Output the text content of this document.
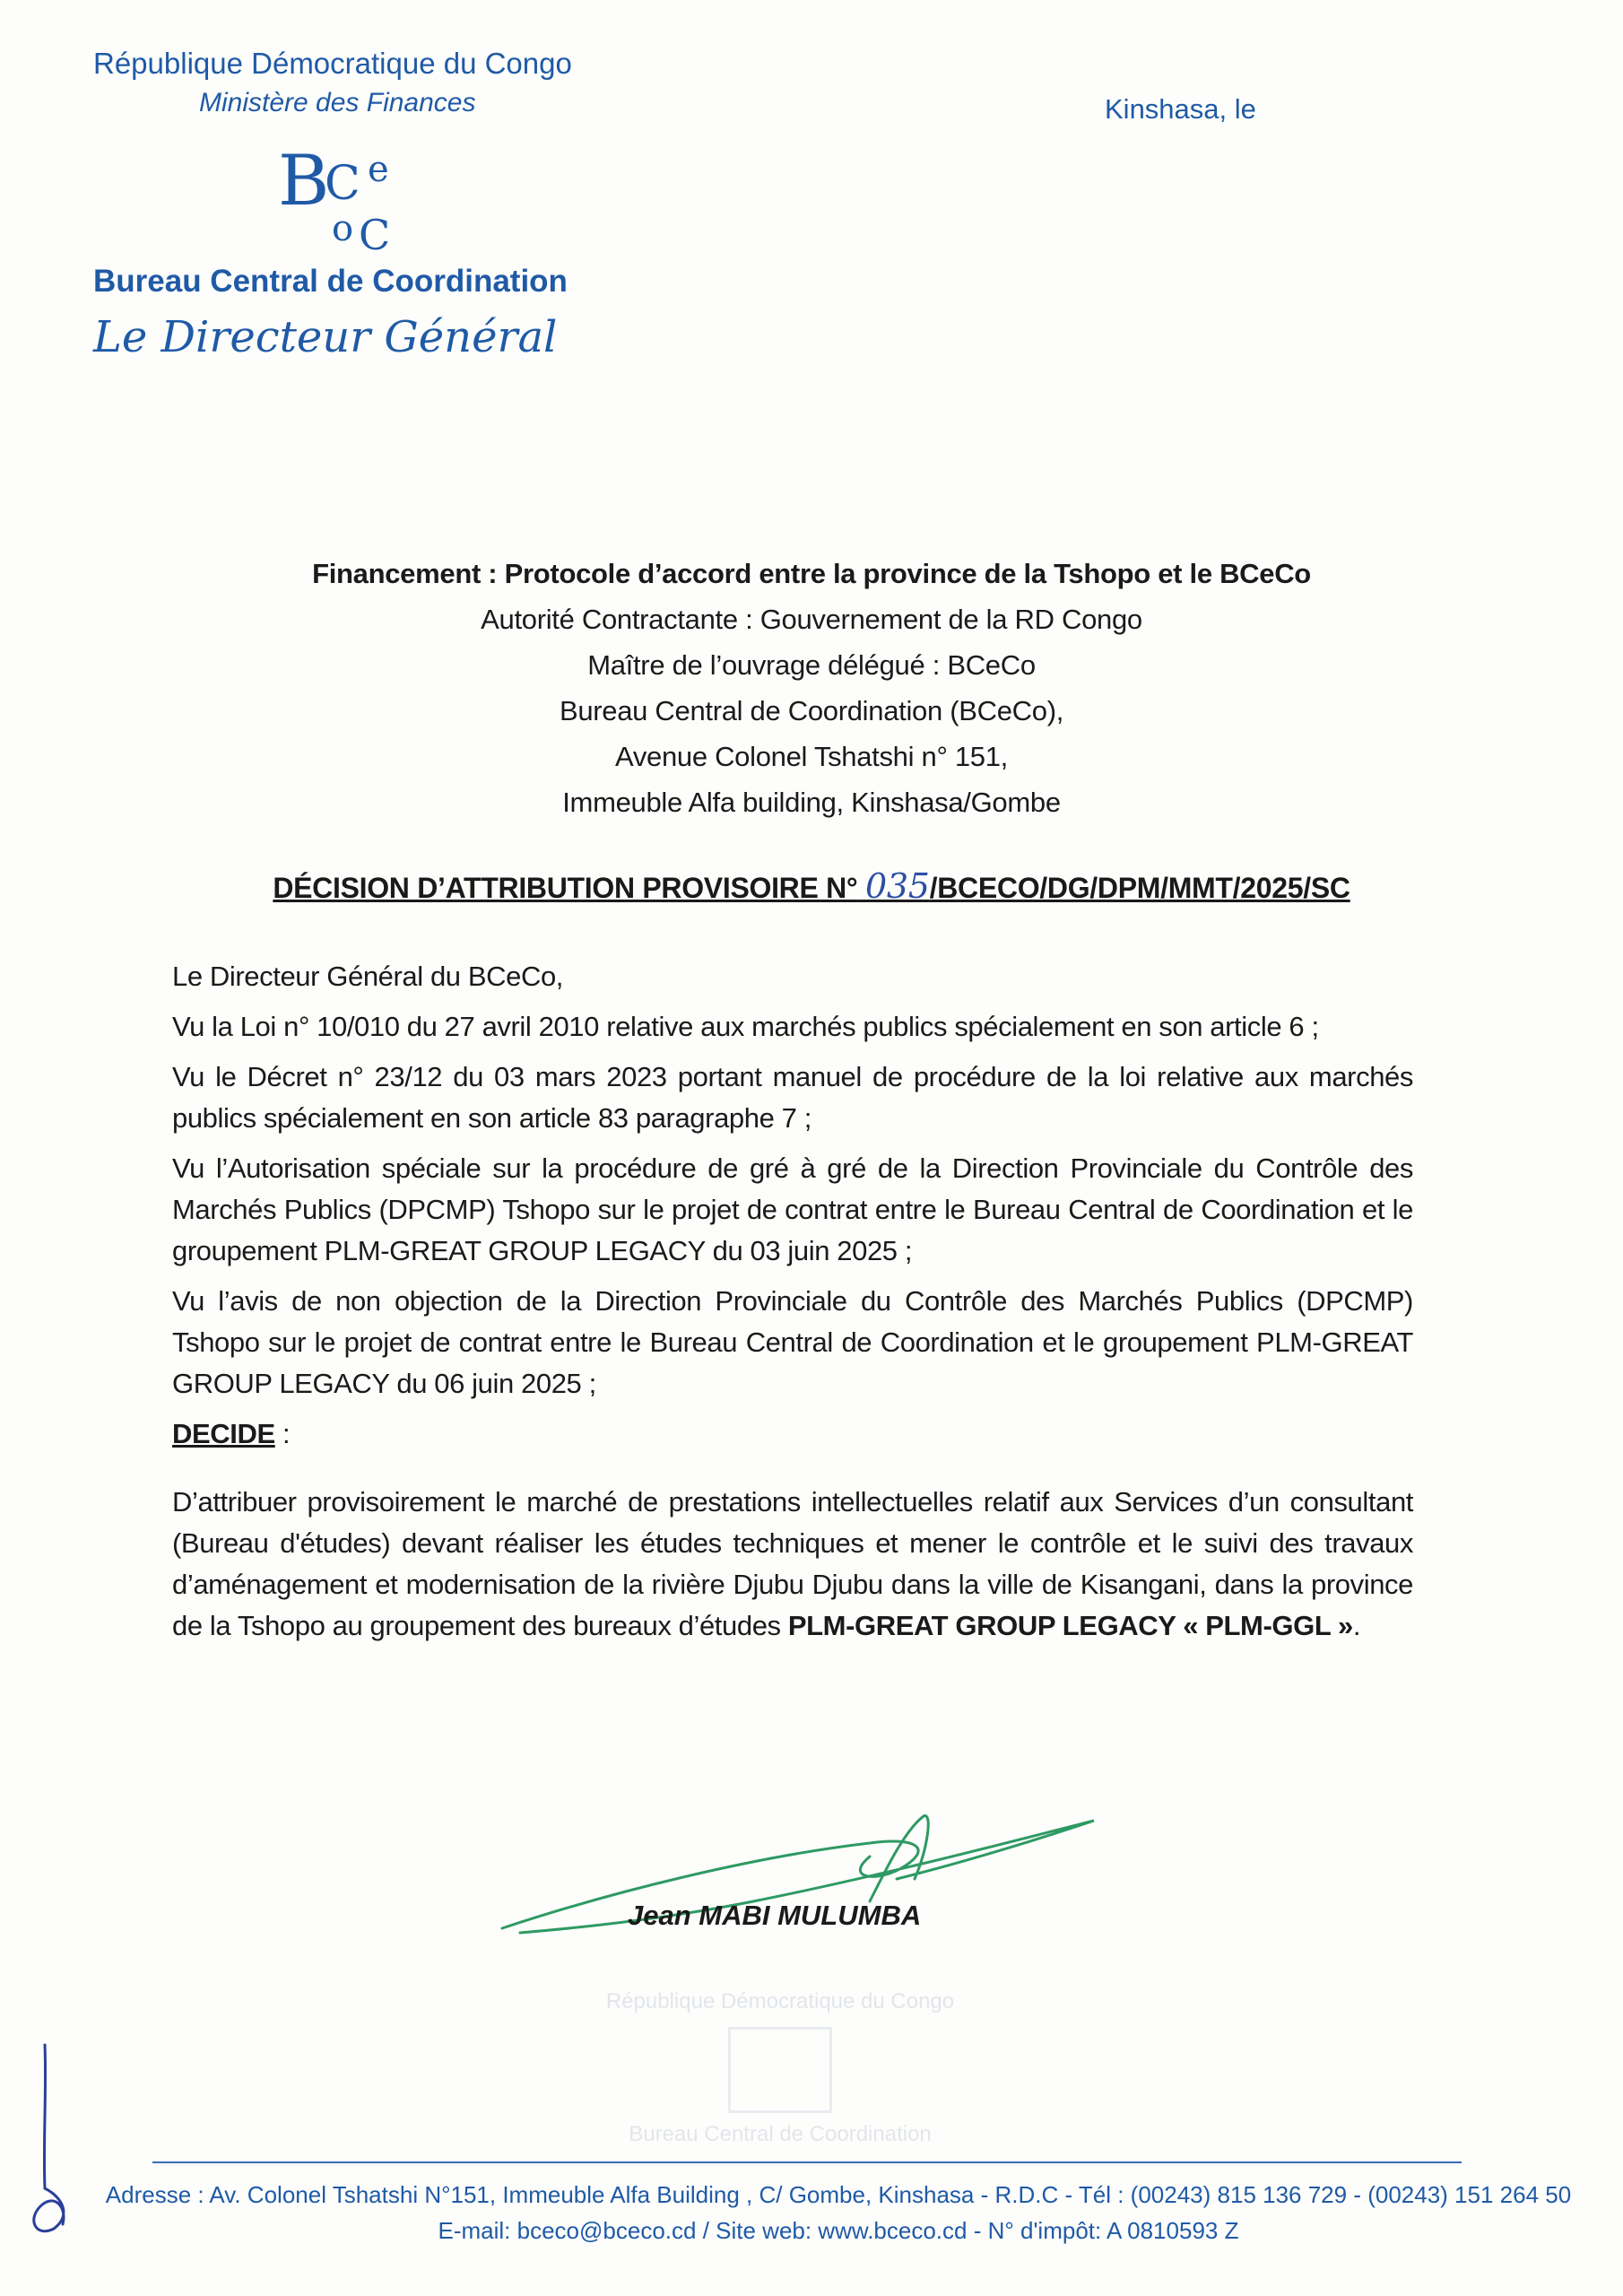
République Démocratique du Congo
Ministère des Finances	Kinshasa, le
B
C e
o C
Bureau Central de Coordination
Le Directeur Général
Financement : Protocole d’accord entre la province de la Tshopo et le BCeCo
Autorité Contractante : Gouvernement de la RD Congo
Maître de l’ouvrage délégué : BCeCo
Bureau Central de Coordination (BCeCo),
Avenue Colonel Tshatshi n° 151,
Immeuble Alfa building, Kinshasa/Gombe
DÉCISION D’ATTRIBUTION PROVISOIRE N° 035/BCECO/DG/DPM/MMT/2025/SC

Le Directeur Général du BCeCo,

Vu la Loi n° 10/010 du 27 avril 2010 relative aux marchés publics spécialement en son article 6 ;

Vu le Décret n° 23/12 du 03 mars 2023 portant manuel de procédure de la loi relative aux marchés publics spécialement en son article 83 paragraphe 7 ;

Vu l’Autorisation spéciale sur la procédure de gré à gré de la Direction Provinciale du Contrôle des Marchés Publics (DPCMP) Tshopo sur le projet de contrat entre le Bureau Central de Coordination et le groupement PLM-GREAT GROUP LEGACY du 03 juin 2025 ;

Vu l’avis de non objection de la Direction Provinciale du Contrôle des Marchés Publics (DPCMP) Tshopo sur le projet de contrat entre le Bureau Central de Coordination et le groupement PLM-GREAT GROUP LEGACY du 06 juin 2025 ;

DECIDE :

D’attribuer provisoirement le marché de prestations intellectuelles relatif aux Services d’un consultant (Bureau d'études) devant réaliser les études techniques et mener le contrôle et le suivi des travaux d’aménagement et modernisation de la rivière Djubu Djubu dans la ville de Kisangani, dans la province de la Tshopo au groupement des bureaux d’études PLM-GREAT GROUP LEGACY « PLM-GGL ».

Jean MABI MULUMBA
République Démocratique du Congo
Bureau Central de Coordination
Adresse : Av. Colonel Tshatshi N°151, Immeuble Alfa Building , C/ Gombe, Kinshasa - R.D.C - Tél : (00243) 815 136 729 - (00243) 151 264 50
E-mail: bceco@bceco.cd / Site web: www.bceco.cd - N° d'impôt: A 0810593 Z
